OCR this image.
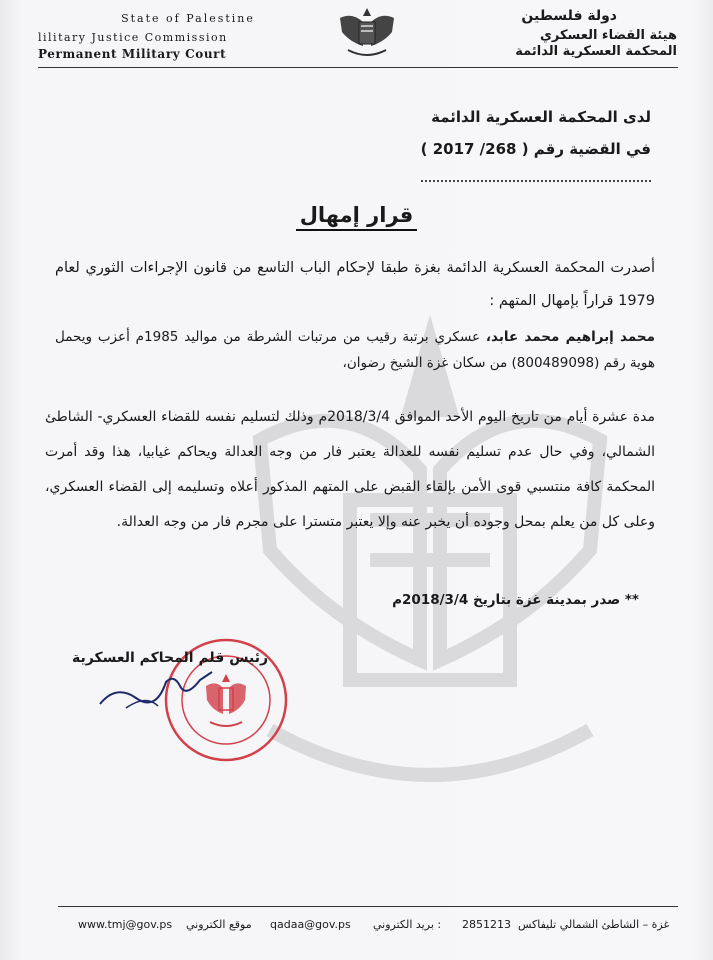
State of Palestine
lilitary Justice Commission
Permanent Military Court
دولة فلسطين
هيئة القضاء العسكري
المحكمة العسكرية الدائمة
لدى المحكمة العسكرية الدائمة
في القضية رقم ( 268/ 2017 )
قرار إمهال
أصدرت المحكمة العسكرية الدائمة بغزة طبقا لإحكام الباب التاسع من قانون الإجراءات الثوري لعام 1979 قراراً بإمهال المتهم :
محمد إبراهيم محمد عابد، عسكري برتبة رقيب من مرتبات الشرطة من مواليد 1985م أعزب ويحمل هوية رقم (800489098) من سكان غزة الشيخ رضوان،
مدة عشرة أيام من تاريخ اليوم الأحد الموافق 2018/3/4م وذلك لتسليم نفسه للقضاء العسكري- الشاطئ الشمالي، وفي حال عدم تسليم نفسه للعدالة يعتبر فار من وجه العدالة ويحاكم غيابيا، هذا وقد أمرت المحكمة كافة منتسبي قوى الأمن بإلقاء القبض على المتهم المذكور أعلاه وتسليمه إلى القضاء العسكري، وعلى كل من يعلم بمحل وجوده أن يخبر عنه وإلا يعتبر متسترا على مجرم فار من وجه العدالة.
** صدر بمدينة غزة بتاريخ 2018/3/4م
رئيس قلم المحاكم العسكرية
www.tmj@gov.ps موقع الكتروني qadaa@gov.ps بريد الكتروني : 2851213 غزة – الشاطئ الشمالي تليفاكس
